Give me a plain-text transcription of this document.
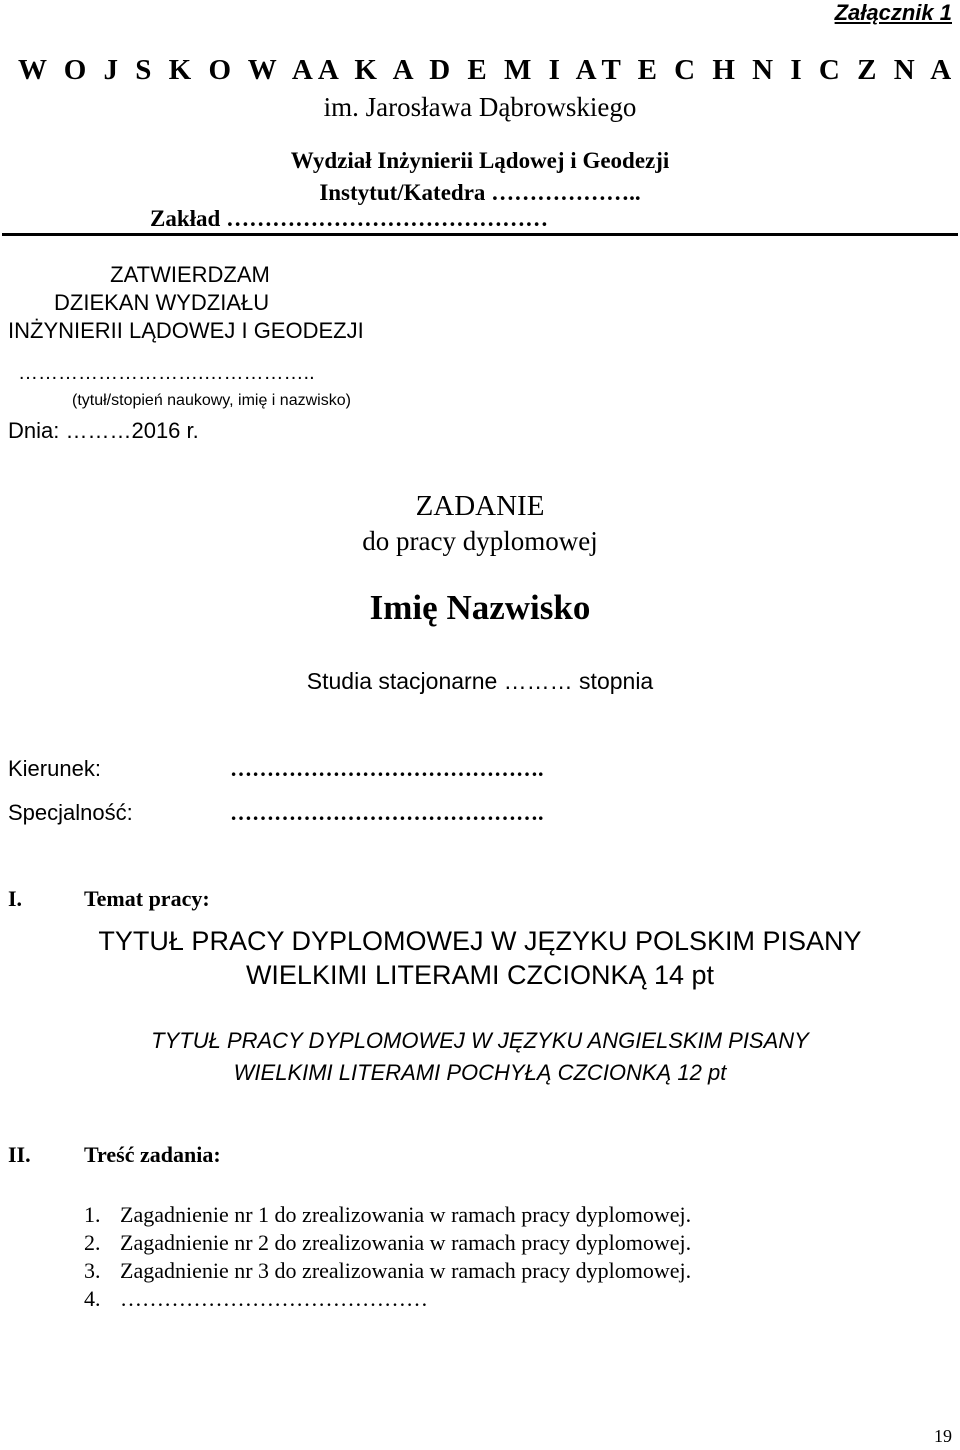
Załącznik 1
W O J S K O W A A K A D E M I A T E C H N I C Z N A
im. Jarosława Dąbrowskiego
Wydział Inżynierii Lądowej i Geodezji
Instytut/Katedra ………………..
Zakład ……………………………………
ZATWIERDZAM
DZIEKAN WYDZIAŁU
INŻYNIERII LĄDOWEJ I GEODEZJI
……………………….……………..
(tytuł/stopień naukowy, imię i nazwisko)
Dnia: ………2016 r.
ZADANIE
do pracy dyplomowej
Imię Nazwisko
Studia stacjonarne ……… stopnia
Kierunek:	…………………………………….
Specjalność:	…………………………………….
I.	Temat pracy:
TYTUŁ PRACY DYPLOMOWEJ W JĘZYKU POLSKIM PISANY
WIELKIMI LITERAMI CZCIONKĄ 14 pt
TYTUŁ PRACY DYPLOMOWEJ W JĘZYKU ANGIELSKIM PISANY
WIELKIMI LITERAMI POCHYŁĄ CZCIONKĄ 12 pt
II. Treść zadania:
1. Zagadnienie nr 1 do zrealizowania w ramach pracy dyplomowej.
2. Zagadnienie nr 2 do zrealizowania w ramach pracy dyplomowej.
3. Zagadnienie nr 3 do zrealizowania w ramach pracy dyplomowej.
4. ……………………………………
19
